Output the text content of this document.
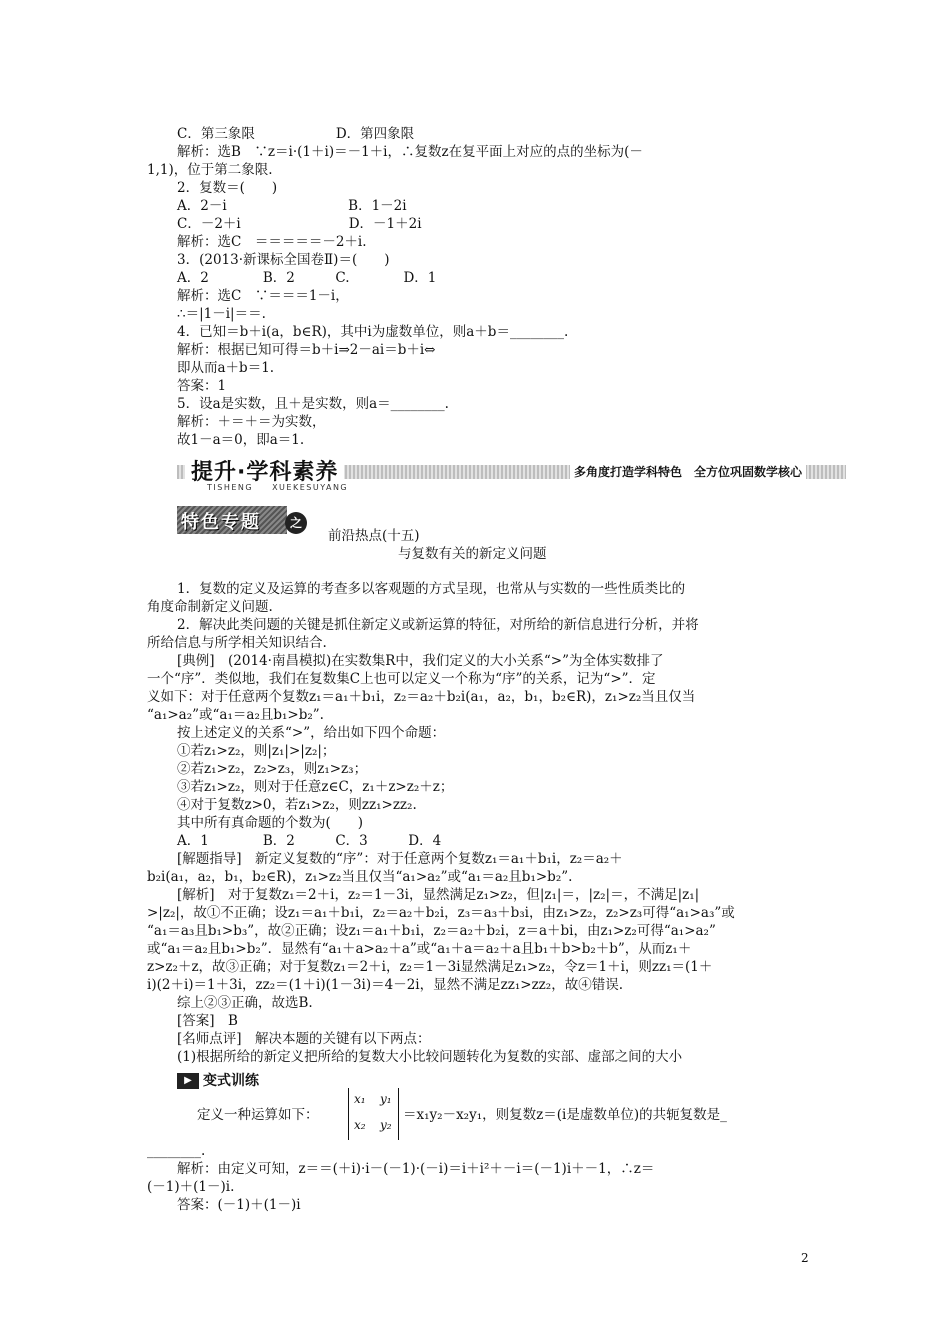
C．第三象限　　　　　　D．第四象限
解析：选B　∵z＝i·(1＋i)＝－1＋i，∴复数z在复平面上对应的点的坐标为(－
1,1)，位于第二象限.
2．复数＝(　　)
A．2－i　　　　　　　　　B．1－2i
C．－2＋i　　　　　　　　D．－1＋2i
解析：选C　＝＝＝＝＝－2＋i.
3．(2013·新课标全国卷Ⅱ)＝(　　)
A．2　　　　B．2　　　C.　　　　D．1
解析：选C　∵＝＝＝1－i，
∴＝|1－i|＝＝.
4．已知＝b＋i(a，b∈R)，其中i为虚数单位，则a＋b＝________.
解析：根据已知可得＝b＋i⇒2－ai＝b＋i⇔
即从而a＋b＝1.
答案：1
5．设a是实数，且＋是实数，则a＝________.
解析：＋＝＋＝为实数，
故1－a＝0，即a＝1.
提升·学科素养
TISHENG　　XUEKESUYANG
多角度打造学科特色　全方位巩固数学核心
特色专题	之
前沿热点(十五)
与复数有关的新定义问题
1．复数的定义及运算的考查多以客观题的方式呈现，也常从与实数的一些性质类比的
角度命制新定义问题.
2．解决此类问题的关键是抓住新定义或新运算的特征，对所给的新信息进行分析，并将
所给信息与所学相关知识结合.
[典例]　(2014·南昌模拟)在实数集R中，我们定义的大小关系“>”为全体实数排了
一个“序”．类似地，我们在复数集C上也可以定义一个称为“序”的关系，记为“>”．定
义如下：对于任意两个复数z₁＝a₁＋b₁i，z₂＝a₂＋b₂i(a₁，a₂，b₁，b₂∈R)，z₁>z₂当且仅当
“a₁>a₂”或“a₁＝a₂且b₁>b₂”.
按上述定义的关系“>”，给出如下四个命题：
①若z₁>z₂，则|z₁|>|z₂|；
②若z₁>z₂，z₂>z₃，则z₁>z₃；
③若z₁>z₂，则对于任意z∈C，z₁＋z>z₂＋z；
④对于复数z>0，若z₁>z₂，则zz₁>zz₂.
其中所有真命题的个数为(　　)
A．1　　　　B．2　　　C．3　　　D．4
[解题指导]　新定义复数的“序”：对于任意两个复数z₁＝a₁＋b₁i，z₂＝a₂＋
b₂i(a₁，a₂，b₁，b₂∈R)，z₁>z₂当且仅当“a₁>a₂”或“a₁＝a₂且b₁>b₂”.
[解析]　对于复数z₁＝2＋i，z₂＝1－3i，显然满足z₁>z₂，但|z₁|＝，|z₂|＝，不满足|z₁|
>|z₂|，故①不正确；设z₁＝a₁＋b₁i，z₂＝a₂＋b₂i，z₃＝a₃＋b₃i，由z₁>z₂，z₂>z₃可得“a₁>a₃”或
“a₁＝a₃且b₁>b₃”，故②正确；设z₁＝a₁＋b₁i，z₂＝a₂＋b₂i，z＝a＋bi，由z₁>z₂可得“a₁>a₂”
或“a₁＝a₂且b₁>b₂”．显然有“a₁＋a>a₂＋a”或“a₁＋a＝a₂＋a且b₁＋b>b₂＋b”，从而z₁＋
z>z₂＋z，故③正确；对于复数z₁＝2＋i，z₂＝1－3i显然满足z₁>z₂，令z＝1＋i，则zz₁＝(1＋
i)(2＋i)＝1＋3i，zz₂＝(1＋i)(1－3i)＝4－2i，显然不满足zz₁>zz₂，故④错误.
综上②③正确，故选B.
[答案]　B
[名师点评]　解决本题的关键有以下两点：
(1)根据所给的新定义把所给的复数大小比较问题转化为复数的实部、虚部之间的大小
▶ 变式训练
定义一种运算如下：
x₁ y₁
x₂ y₂
＝x₁y₂－x₂y₁，则复数z＝(i是虚数单位)的共轭复数是_
________.
解析：由定义可知，z＝＝(＋i)·i－(－1)·(－i)＝i＋i²＋－i＝(－1)i＋－1，∴z＝
(－1)＋(1－)i.
答案：(－1)＋(1－)i
2
